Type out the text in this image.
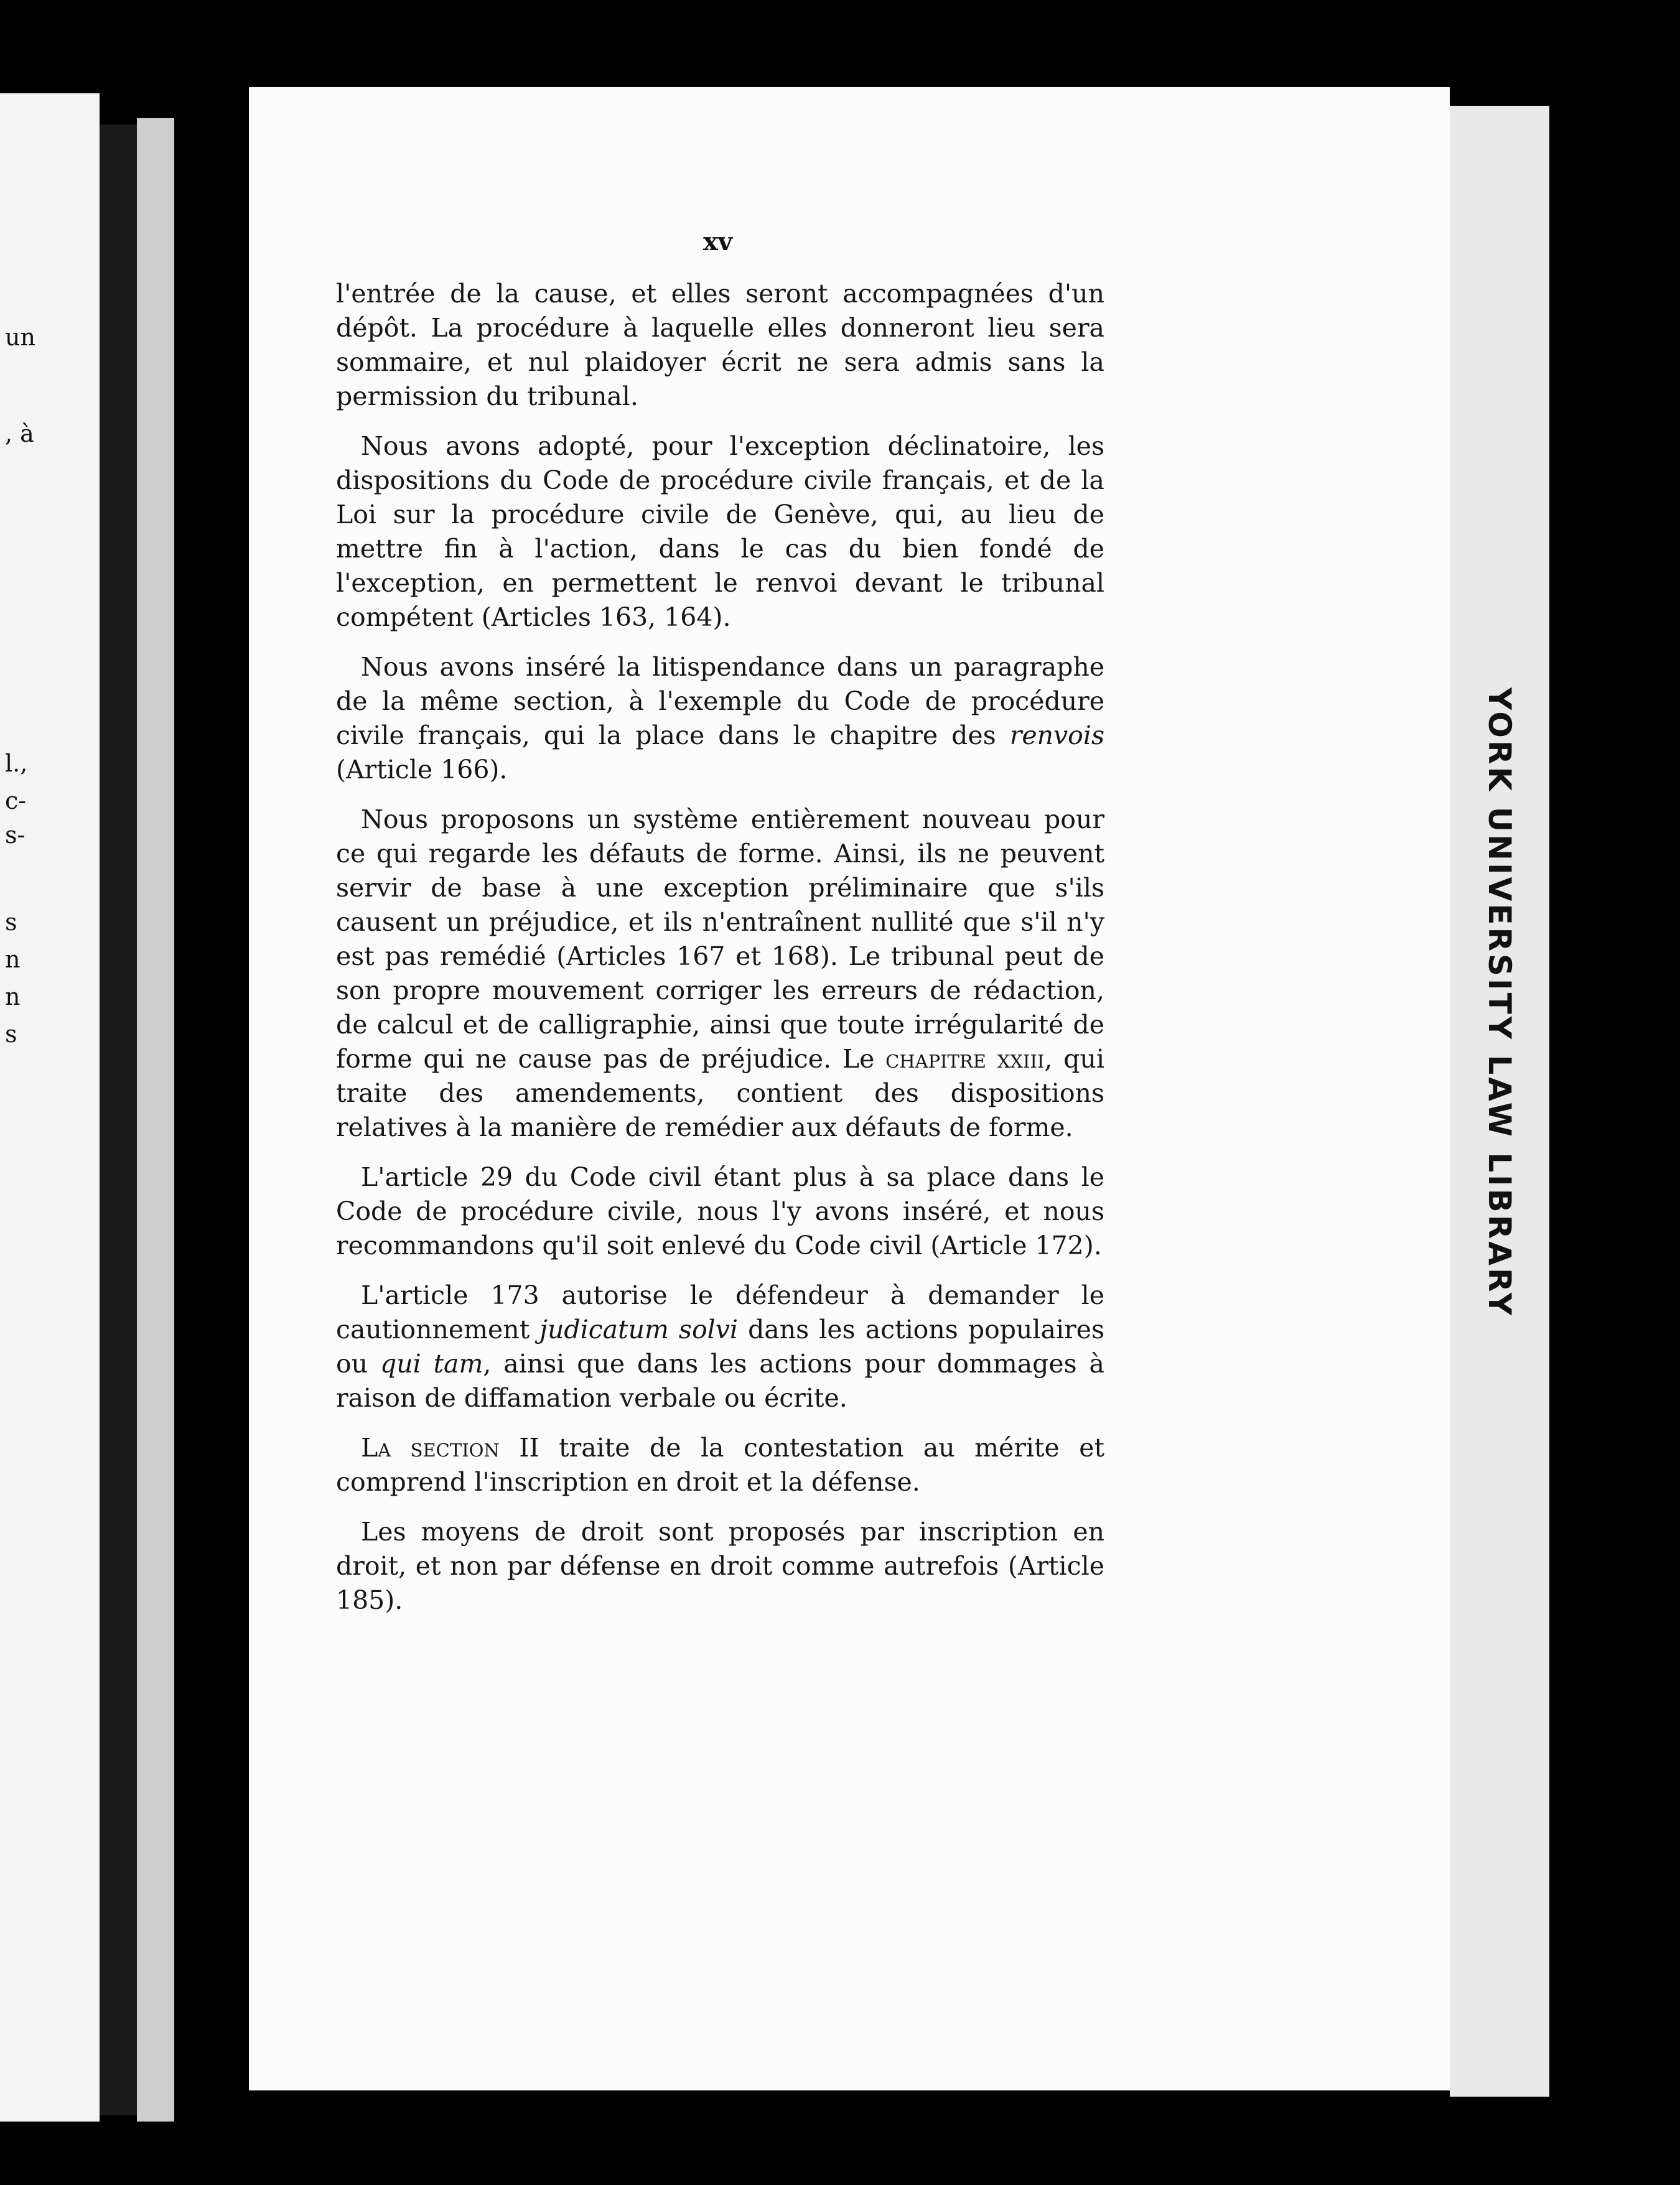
un
, à
l.,
c-
s-
s
n
n
s
xv

l'entrée de la cause, et elles seront accompagnées d'un dépôt. La procédure à laquelle elles donneront lieu sera sommaire, et nul plaidoyer écrit ne sera admis sans la permission du tribunal.

Nous avons adopté, pour l'exception déclinatoire, les dispositions du Code de procédure civile français, et de la Loi sur la procédure civile de Genève, qui, au lieu de mettre fin à l'action, dans le cas du bien fondé de l'exception, en permettent le renvoi devant le tribunal compétent (Articles 163, 164).

Nous avons inséré la litispendance dans un paragraphe de la même section, à l'exemple du Code de procédure civile français, qui la place dans le chapitre des renvois (Article 166).

Nous proposons un système entièrement nouveau pour ce qui regarde les défauts de forme. Ainsi, ils ne peuvent servir de base à une exception préliminaire que s'ils causent un préjudice, et ils n'entraînent nullité que s'il n'y est pas remédié (Articles 167 et 168). Le tribunal peut de son propre mouvement corriger les erreurs de rédaction, de calcul et de calligraphie, ainsi que toute irrégularité de forme qui ne cause pas de préjudice. Le chapitre xxiii, qui traite des amendements, contient des dispositions relatives à la manière de remédier aux défauts de forme.

L'article 29 du Code civil étant plus à sa place dans le Code de procédure civile, nous l'y avons inséré, et nous recommandons qu'il soit enlevé du Code civil (Article 172).

L'article 173 autorise le défendeur à demander le cautionnement judicatum solvi dans les actions populaires ou qui tam, ainsi que dans les actions pour dommages à raison de diffamation verbale ou écrite.

La section II traite de la contestation au mérite et comprend l'inscription en droit et la défense.

Les moyens de droit sont proposés par inscription en droit, et non par défense en droit comme autrefois (Article 185).

YORK UNIVERSITY LAW LIBRARY
